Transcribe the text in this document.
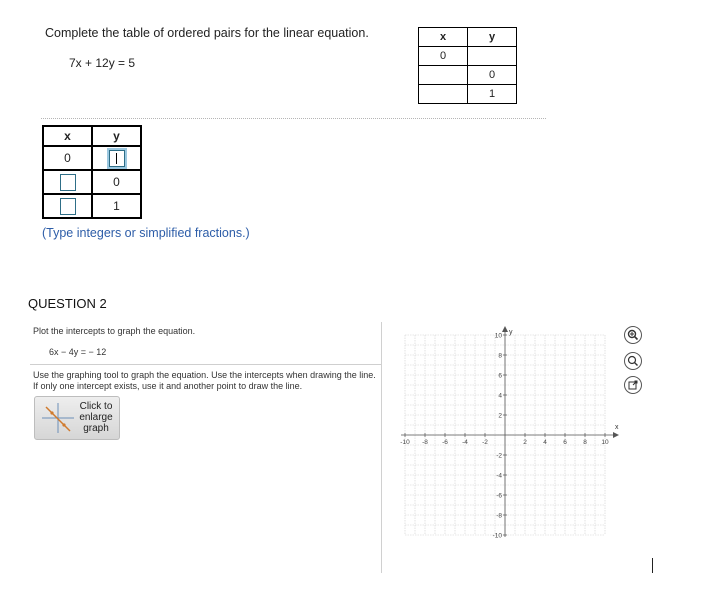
Complete the table of ordered pairs for the linear equation.
7x + 12y = 5
x	y
0	
	0
	1
x	y
0	
	0
	1
(Type integers or simplified fractions.)
QUESTION 2
Plot the intercepts to graph the equation.
6x − 4y = − 12
Use the graphing tool to graph the equation. Use the intercepts when drawing the line. If only one intercept exists, use it and another point to draw the line.
Click to enlarge graph	x
y
-10 -8 -6 -4 -2	2	4	6	8 10
10
8
6
4
2
-2
-4
-6
-8
-10
